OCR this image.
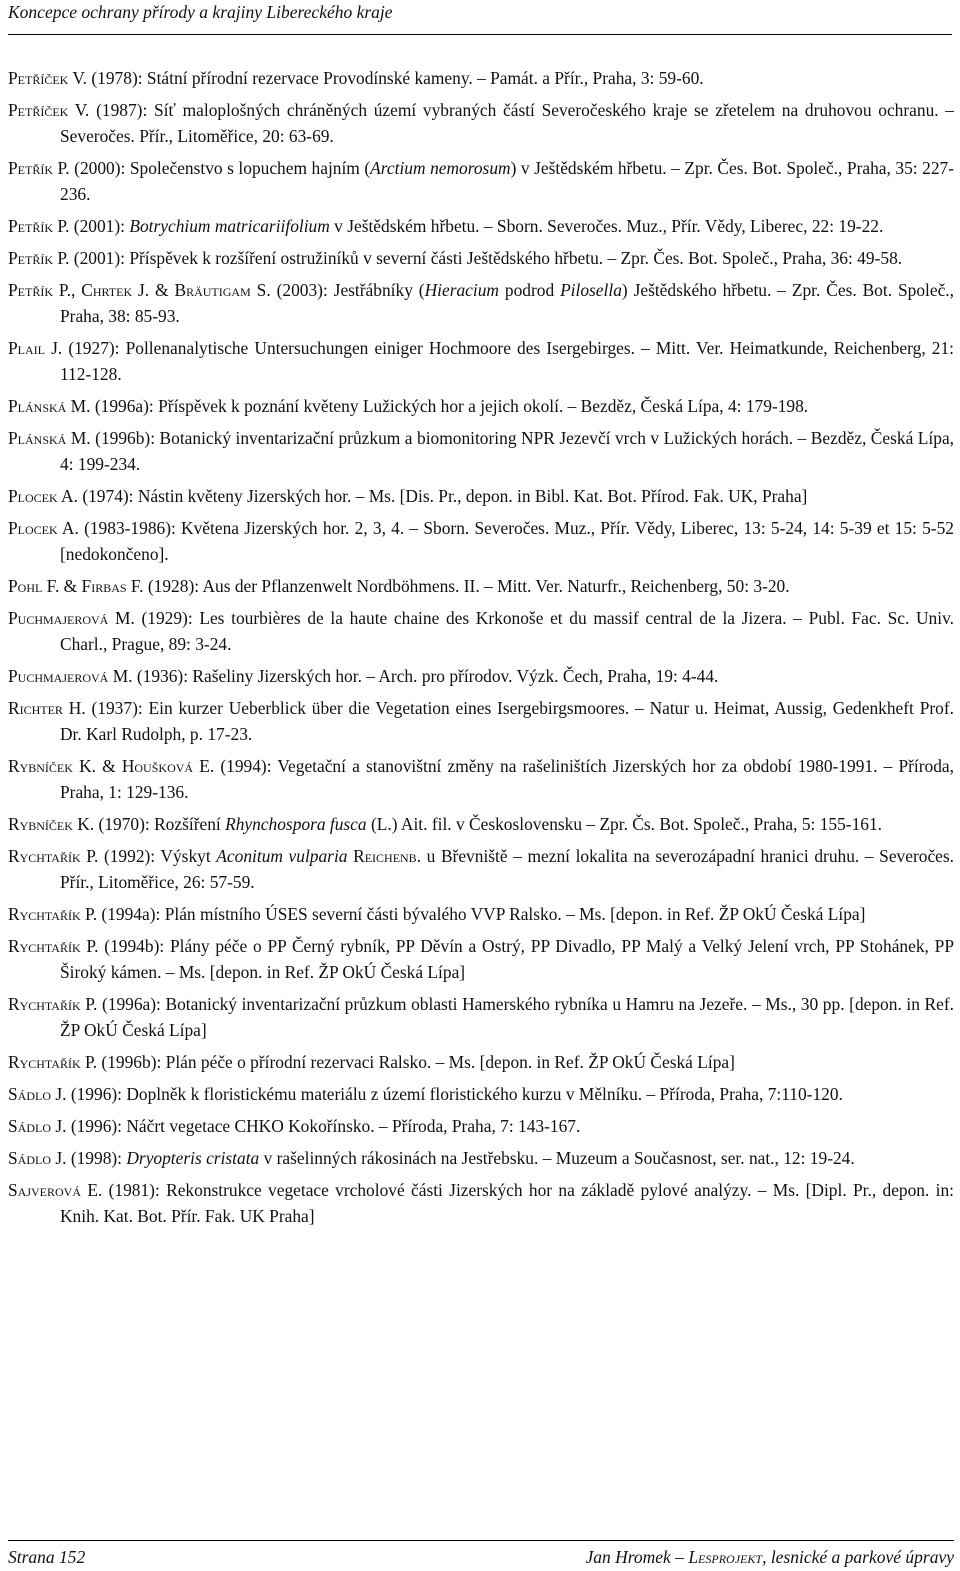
Koncepce ochrany přírody a krajiny Libereckého kraje
Petříček V. (1978): Státní přírodní rezervace Provodínské kameny. – Památ. a Přír., Praha, 3: 59-60.
Petříček V. (1987): Síť maloplošných chráněných území vybraných částí Severočeského kraje se zřetelem na druhovou ochranu. – Severočes. Přír., Litoměřice, 20: 63-69.
Petřík P. (2000): Společenstvo s lopuchem hajním (Arctium nemorosum) v Ještědském hřbetu. – Zpr. Čes. Bot. Společ., Praha, 35: 227-236.
Petřík P. (2001): Botrychium matricariifolium v Ještědském hřbetu. – Sborn. Severočes. Muz., Přír. Vědy, Liberec, 22: 19-22.
Petřík P. (2001): Příspěvek k rozšíření ostružiníků v severní části Ještědského hřbetu. – Zpr. Čes. Bot. Společ., Praha, 36: 49-58.
Petřík P., Chrtek J. & Bräutigam S. (2003): Jestřábníky (Hieracium podrod Pilosella) Ještědského hřbetu. – Zpr. Čes. Bot. Společ., Praha, 38: 85-93.
Plail J. (1927): Pollenanalytische Untersuchungen einiger Hochmoore des Isergebirges. – Mitt. Ver. Heimatkunde, Reichenberg, 21: 112-128.
Plánská M. (1996a): Příspěvek k poznání květeny Lužických hor a jejich okolí. – Bezděz, Česká Lípa, 4: 179-198.
Plánská M. (1996b): Botanický inventarizační průzkum a biomonitoring NPR Jezevčí vrch v Lužických horách. – Bezděz, Česká Lípa, 4: 199-234.
Plocek A. (1974): Nástin květeny Jizerských hor. – Ms. [Dis. Pr., depon. in Bibl. Kat. Bot. Přírod. Fak. UK, Praha]
Plocek A. (1983-1986): Květena Jizerských hor. 2, 3, 4. – Sborn. Severočes. Muz., Přír. Vědy, Liberec, 13: 5-24, 14: 5-39 et 15: 5-52 [nedokončeno].
Pohl F. & Firbas F. (1928): Aus der Pflanzenwelt Nordböhmens. II. – Mitt. Ver. Naturfr., Reichenberg, 50: 3-20.
Puchmajerová M. (1929): Les tourbières de la haute chaine des Krkonoše et du massif central de la Jizera. – Publ. Fac. Sc. Univ. Charl., Prague, 89: 3-24.
Puchmajerová M. (1936): Rašeliny Jizerských hor. – Arch. pro přírodov. Výzk. Čech, Praha, 19: 4-44.
Richter H. (1937): Ein kurzer Ueberblick über die Vegetation eines Isergebirgsmoores. – Natur u. Heimat, Aussig, Gedenkheft Prof. Dr. Karl Rudolph, p. 17-23.
Rybníček K. & Houšková E. (1994): Vegetační a stanovištní změny na rašeliništích Jizerských hor za období 1980-1991. – Příroda, Praha, 1: 129-136.
Rybníček K. (1970): Rozšíření Rhynchospora fusca (L.) Ait. fil. v Československu – Zpr. Čs. Bot. Společ., Praha, 5: 155-161.
Rychtařík P. (1992): Výskyt Aconitum vulparia Reichenb. u Břevniště – mezní lokalita na severozápadní hranici druhu. – Severočes. Přír., Litoměřice, 26: 57-59.
Rychtařík P. (1994a): Plán místního ÚSES severní části bývalého VVP Ralsko. – Ms. [depon. in Ref. ŽP OkÚ Česká Lípa]
Rychtařík P. (1994b): Plány péče o PP Černý rybník, PP Děvín a Ostrý, PP Divadlo, PP Malý a Velký Jelení vrch, PP Stohánek, PP Široký kámen. – Ms. [depon. in Ref. ŽP OkÚ Česká Lípa]
Rychtařík P. (1996a): Botanický inventarizační průzkum oblasti Hamerského rybníka u Hamru na Jezeře. – Ms., 30 pp. [depon. in Ref. ŽP OkÚ Česká Lípa]
Rychtařík P. (1996b): Plán péče o přírodní rezervaci Ralsko. – Ms. [depon. in Ref. ŽP OkÚ Česká Lípa]
Sádlo J. (1996): Doplněk k floristickému materiálu z území floristického kurzu v Mělníku. – Příroda, Praha, 7:110-120.
Sádlo J. (1996): Náčrt vegetace CHKO Kokořínsko. – Příroda, Praha, 7: 143-167.
Sádlo J. (1998): Dryopteris cristata v rašelinných rákosinách na Jestřebsku. – Muzeum a Současnost, ser. nat., 12: 19-24.
Sajverová E. (1981): Rekonstrukce vegetace vrcholové části Jizerských hor na základě pylové analýzy. – Ms. [Dipl. Pr., depon. in: Knih. Kat. Bot. Přír. Fak. UK Praha]
Strana 152	Jan Hromek – Lesprojekt, lesnické a parkové úpravy
